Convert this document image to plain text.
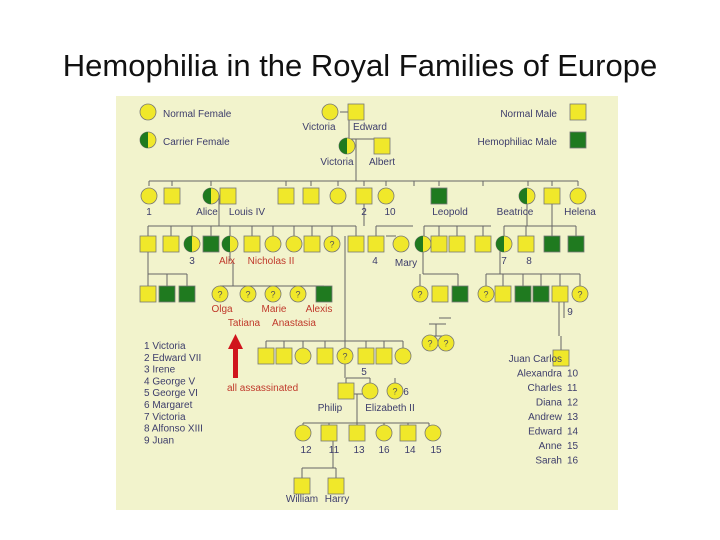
Hemophilia in the Royal Families of Europe
?
?	? ? ?	?	?	?
? ?
?
?
Normal Female
Carrier Female
Normal Male
Hemophiliac Male
Victoria Edward
Victoria Albert
1	Alice Louis IV	2 10	Leopold	Beatrice	Helena
3	4 Mary	7 8
9
5
6
Philip Elizabeth II
12 11 13 16 14 15
William Harry
Alix Nicholas II
Olga	Marie Alexis
Tatiana Anastasia
all assassinated
1 Victoria
2 Edward VII
3 Irene
4 George V
5 George VI
6 Margaret
7 Victoria
8 Alfonso XIII
9 Juan
Juan Carlos
Alexandra 10
Charles 11
Diana 12
Andrew 13
Edward 14
Anne 15
Sarah 16
